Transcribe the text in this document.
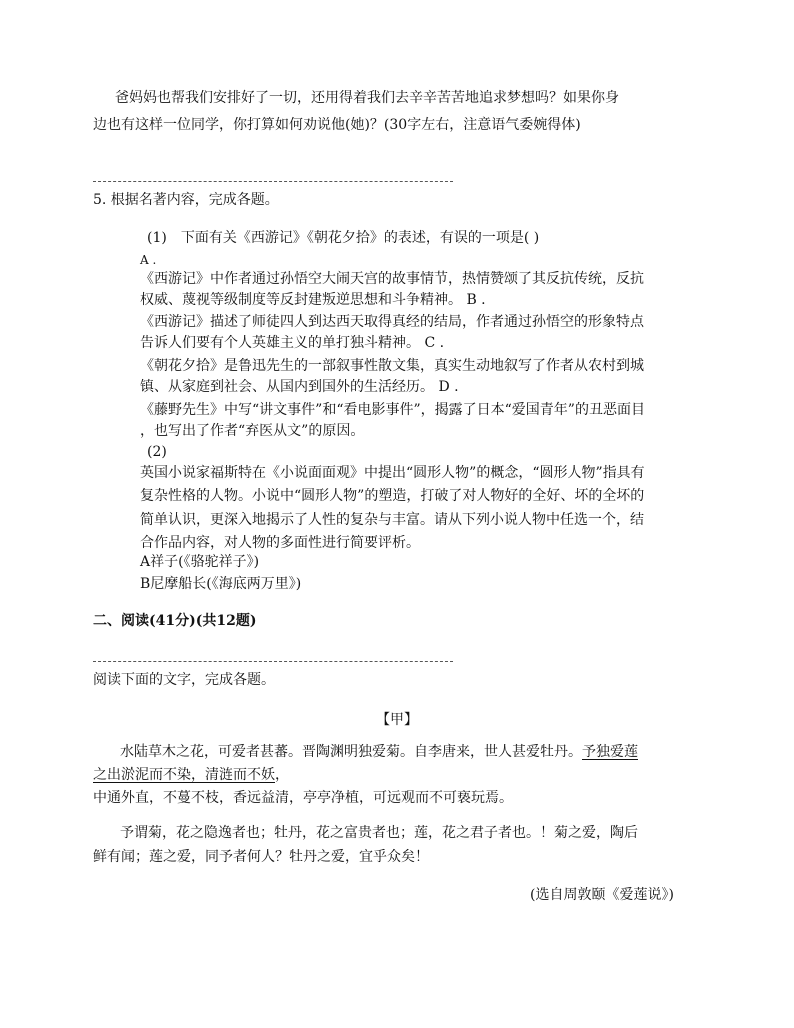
爸妈妈也帮我们安排好了一切，还用得着我们去辛辛苦苦地追求梦想吗？如果你身
边也有这样一位同学，你打算如何劝说他(她)？(30字左右，注意语气委婉得体)
5. 根据名著内容，完成各题。
(1)　下面有关《西游记》《朝花夕拾》的表述，有误的一项是( )
A .
《西游记》中作者通过孙悟空大闹天宫的故事情节，热情赞颂了其反抗传统，反抗
权威、蔑视等级制度等反封建叛逆思想和斗争精神。 B .
《西游记》描述了师徒四人到达西天取得真经的结局，作者通过孙悟空的形象特点
告诉人们要有个人英雄主义的单打独斗精神。 C .
《朝花夕拾》是鲁迅先生的一部叙事性散文集，真实生动地叙写了作者从农村到城
镇、从家庭到社会、从国内到国外的生活经历。 D .
《藤野先生》中写“讲文事件”和“看电影事件”，揭露了日本“爱国青年”的丑恶面目
，也写出了作者“弃医从文”的原因。
(2)
英国小说家福斯特在《小说面面观》中提出“圆形人物”的概念，“圆形人物”指具有
复杂性格的人物。小说中“圆形人物”的塑造，打破了对人物好的全好、坏的全坏的
简单认识，更深入地揭示了人性的复杂与丰富。请从下列小说人物中任选一个，结
合作品内容，对人物的多面性进行简要评析。
A祥子(《骆驼祥子》)
B尼摩船长(《海底两万里》)
二、阅读(41分)(共12题)
阅读下面的文字，完成各题。
【甲】
水陆草木之花，可爱者甚蕃。晋陶渊明独爱菊。自李唐来，世人甚爱牡丹。予独爱莲
之出淤泥而不染，清涟而不妖，
中通外直，不蔓不枝，香远益清，亭亭净植，可远观而不可亵玩焉。
予谓菊，花之隐逸者也；牡丹，花之富贵者也；莲，花之君子者也。！菊之爱，陶后
鲜有闻；莲之爱，同予者何人？牡丹之爱，宜乎众矣！
(选自周敦颐《爱莲说》)
